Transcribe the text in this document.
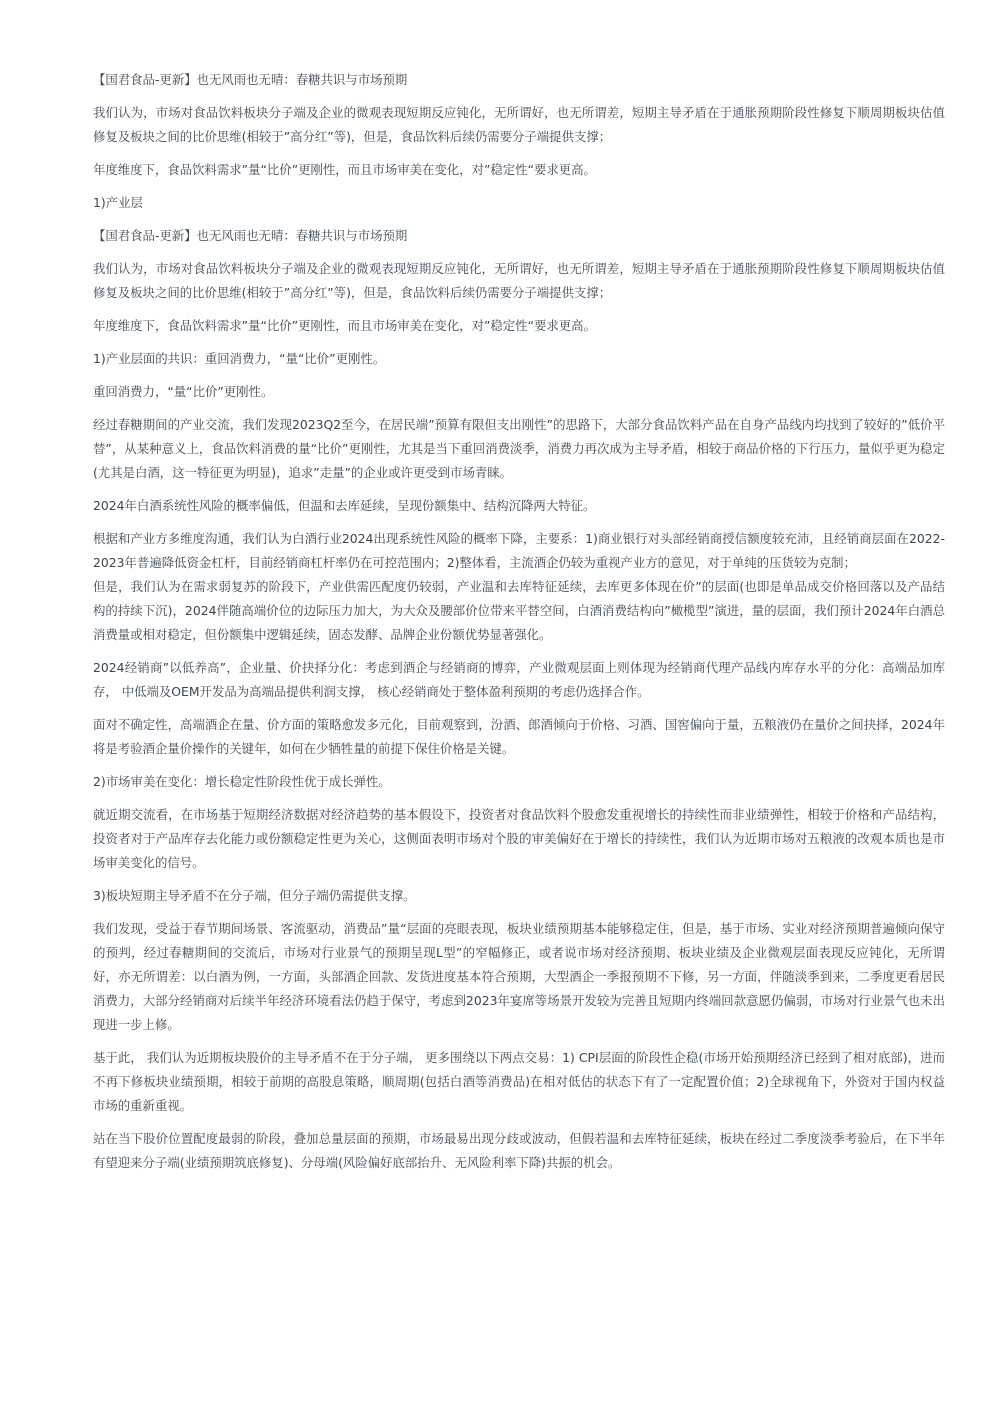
【国君食品-更新】也无风雨也无晴：春糖共识与市场预期

我们认为，市场对食品饮料板块分子端及企业的微观表现短期反应钝化，无所谓好，也无所谓差，短期主导矛盾在于通胀预期阶段性修复下顺周期板块估值修复及板块之间的比价思维(相较于”高分红”等)，但是，食品饮料后续仍需要分子端提供支撑；

年度维度下，食品饮料需求”量“比价”更刚性，而且市场审美在变化，对”稳定性“要求更高。

1)产业层

【国君食品-更新】也无风雨也无晴：春糖共识与市场预期

我们认为，市场对食品饮料板块分子端及企业的微观表现短期反应钝化，无所谓好，也无所谓差，短期主导矛盾在于通胀预期阶段性修复下顺周期板块估值修复及板块之间的比价思维(相较于”高分红”等)，但是，食品饮料后续仍需要分子端提供支撑；

年度维度下，食品饮料需求”量“比价”更刚性，而且市场审美在变化，对”稳定性“要求更高。

1)产业层面的共识：重回消费力，“量“比价”更刚性。

重回消费力，“量“比价”更刚性。

经过春糖期间的产业交流，我们发现2023Q2至今，在居民端”预算有限但支出刚性”的思路下，大部分食品饮料产品在自身产品线内均找到了较好的”低价平替”，从某种意义上，食品饮料消费的量“比价”更刚性，尤其是当下重回消费淡季，消费力再次成为主导矛盾，相较于商品价格的下行压力，量似乎更为稳定(尤其是白酒，这一特征更为明显)，追求”走量”的企业或许更受到市场青睐。

2024年白酒系统性风险的概率偏低，但温和去库延续，呈现份额集中、结构沉降两大特征。

根据和产业方多维度沟通，我们认为白酒行业2024出现系统性风险的概率下降，主要系：1)商业银行对头部经销商授信额度较充沛，且经销商层面在2022-2023年普遍降低资金杠杆，目前经销商杠杆率仍在可控范围内；2)整体看，主流酒企仍较为重视产业方的意见，对于单纯的压货较为克制；

但是，我们认为在需求弱复苏的阶段下，产业供需匹配度仍较弱，产业温和去库特征延续，去库更多体现在价”的层面(也即是单品成交价格回落以及产品结构的持续下沉)，2024伴随高端价位的边际压力加大，为大众及腰部价位带来平替空间，白酒消费结构向”橄榄型”演进，量的层面，我们预计2024年白酒总消费量或相对稳定，但份额集中逻辑延续，固态发酵、品牌企业份额优势显著强化。

2024经销商”以低养高”，企业量、价抉择分化：考虑到酒企与经销商的博弈，产业微观层面上则体现为经销商代理产品线内库存水平的分化：高端品加库存， 中低端及OEM开发品为高端品提供利润支撑， 核心经销商处于整体盈利预期的考虑仍选择合作。

面对不确定性，高端酒企在量、价方面的策略愈发多元化，目前观察到，汾酒、郎酒倾向于价格、习酒、国窖偏向于量，五粮液仍在量价之间抉择，2024年将是考验酒企量价操作的关键年，如何在少牺牲量的前提下保住价格是关键。

2)市场审美在变化：增长稳定性阶段性优于成长弹性。

就近期交流看，在市场基于短期经济数据对经济趋势的基本假设下，投资者对食品饮料个股愈发重视增长的持续性而非业绩弹性，相较于价格和产品结构，投资者对于产品库存去化能力或份额稳定性更为关心，这侧面表明市场对个股的审美偏好在于增长的持续性，我们认为近期市场对五粮液的改观本质也是市场审美变化的信号。

3)板块短期主导矛盾不在分子端，但分子端仍需提供支撑。

我们发现，受益于春节期间场景、客流驱动，消费品”量“层面的亮眼表现，板块业绩预期基本能够稳定住，但是，基于市场、实业对经济预期普遍倾向保守的预判，经过春糖期间的交流后，市场对行业景气的预期呈现L型”的窄幅修正，或者说市场对经济预期、板块业绩及企业微观层面表现反应钝化，无所谓好，亦无所谓差：以白酒为例，一方面，头部酒企回款、发货进度基本符合预期，大型酒企一季报预期不下修，另一方面，伴随淡季到来，二季度更看居民消费力，大部分经销商对后续半年经济环境看法仍趋于保守，考虑到2023年宴席等场景开发较为完善且短期内终端回款意愿仍偏弱，市场对行业景气也未出现进一步上修。

基于此， 我们认为近期板块股价的主导矛盾不在于分子端， 更多围绕以下两点交易：1) CPI层面的阶段性企稳(市场开始预期经济已经到了相对底部)，进而不再下修板块业绩预期，相较于前期的高股息策略，顺周期(包括白酒等消费品)在相对低估的状态下有了一定配置价值；2)全球视角下，外资对于国内权益市场的重新重视。

站在当下股价位置配度最弱的阶段，叠加总量层面的预期，市场最易出现分歧或波动，但假若温和去库特征延续，板块在经过二季度淡季考验后，在下半年有望迎来分子端(业绩预期筑底修复)、分母端(风险偏好底部抬升、无风险利率下降)共振的机会。
